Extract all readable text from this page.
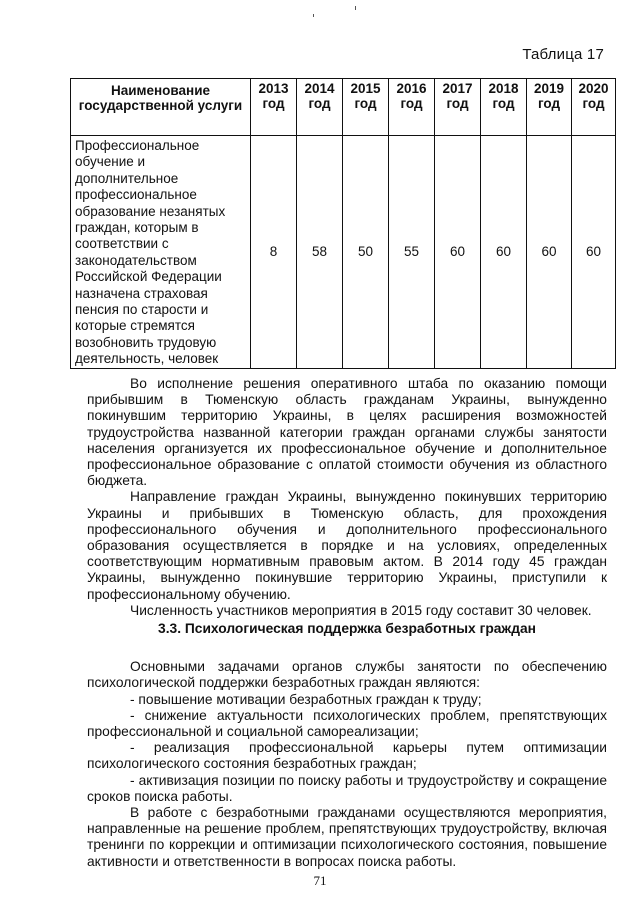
Таблица 17
Наименование государственной услуги	2013 год	2014 год	2015 год	2016 год	2017 год	2018 год	2019 год	2020 год
Профессиональное обучение и дополнительное профессиональное образование незанятых граждан, которым в соответствии с законодательством Российской Федерации назначена страховая пенсия по старости и которые стремятся возобновить трудовую деятельность, человек	8	58	50	55	60	60	60	60

Во исполнение решения оперативного штаба по оказанию помощи прибывшим в Тюменскую область гражданам Украины, вынужденно покинувшим территорию Украины, в целях расширения возможностей трудоустройства названной категории граждан органами службы занятости населения организуется их профессиональное обучение и дополнительное профессиональное образование с оплатой стоимости обучения из областного бюджета.

Направление граждан Украины, вынужденно покинувших территорию Украины и прибывших в Тюменскую область, для прохождения профессионального обучения и дополнительного профессионального образования осуществляется в порядке и на условиях, определенных соответствующим нормативным правовым актом. В 2014 году 45 граждан Украины, вынужденно покинувшие территорию Украины, приступили к профессиональному обучению.

Численность участников мероприятия в 2015 году составит 30 человек.

3.3. Психологическая поддержка безработных граждан

Основными задачами органов службы занятости по обеспечению психологической поддержки безработных граждан являются:

- повышение мотивации безработных граждан к труду;

- снижение актуальности психологических проблем, препятствующих профессиональной и социальной самореализации;

- реализация профессиональной карьеры путем оптимизации психологического состояния безработных граждан;

- активизация позиции по поиску работы и трудоустройству и сокращение сроков поиска работы.

В работе с безработными гражданами осуществляются мероприятия, направленные на решение проблем, препятствующих трудоустройству, включая тренинги по коррекции и оптимизации психологического состояния, повышение активности и ответственности в вопросах поиска работы.

71
